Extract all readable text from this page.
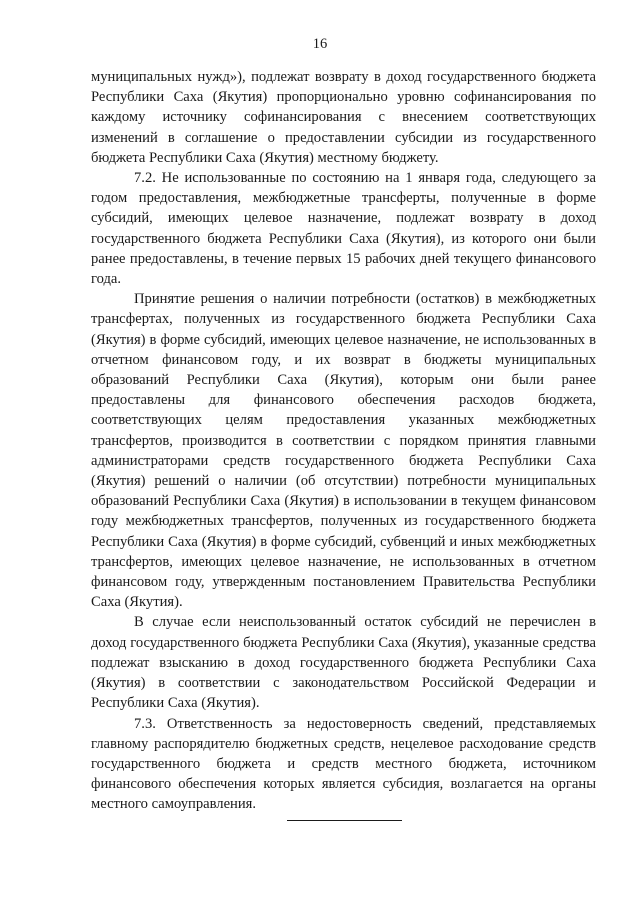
16

муниципальных нужд»), подлежат возврату в доход государственного бюджета Республики Саха (Якутия) пропорционально уровню софинансирования по каждому источнику софинансирования с внесением соответствующих изменений в соглашение о предоставлении субсидии из государственного бюджета Республики Саха (Якутия) местному бюджету.

7.2. Не использованные по состоянию на 1 января года, следующего за годом предоставления, межбюджетные трансферты, полученные в форме субсидий, имеющих целевое назначение, подлежат возврату в доход государственного бюджета Республики Саха (Якутия), из которого они были ранее предоставлены, в течение первых 15 рабочих дней текущего финансового года.

Принятие решения о наличии потребности (остатков) в межбюджетных трансфертах, полученных из государственного бюджета Республики Саха (Якутия) в форме субсидий, имеющих целевое назначение, не использованных в отчетном финансовом году, и их возврат в бюджеты муниципальных образований Республики Саха (Якутия), которым они были ранее предоставлены для финансового обеспечения расходов бюджета, соответствующих целям предоставления указанных межбюджетных трансфертов, производится в соответствии с порядком принятия главными администраторами средств государственного бюджета Республики Саха (Якутия) решений о наличии (об отсутствии) потребности муниципальных образований Республики Саха (Якутия) в использовании в текущем финансовом году межбюджетных трансфертов, полученных из государственного бюджета Республики Саха (Якутия) в форме субсидий, субвенций и иных межбюджетных трансфертов, имеющих целевое назначение, не использованных в отчетном финансовом году, утвержденным постановлением Правительства Республики Саха (Якутия).

В случае если неиспользованный остаток субсидий не перечислен в доход государственного бюджета Республики Саха (Якутия), указанные средства подлежат взысканию в доход государственного бюджета Республики Саха (Якутия) в соответствии с законодательством Российской Федерации и Республики Саха (Якутия).

7.3. Ответственность за недостоверность сведений, представляемых главному распорядителю бюджетных средств, нецелевое расходование средств государственного бюджета и средств местного бюджета, источником финансового обеспечения которых является субсидия, возлагается на органы местного самоуправления.
